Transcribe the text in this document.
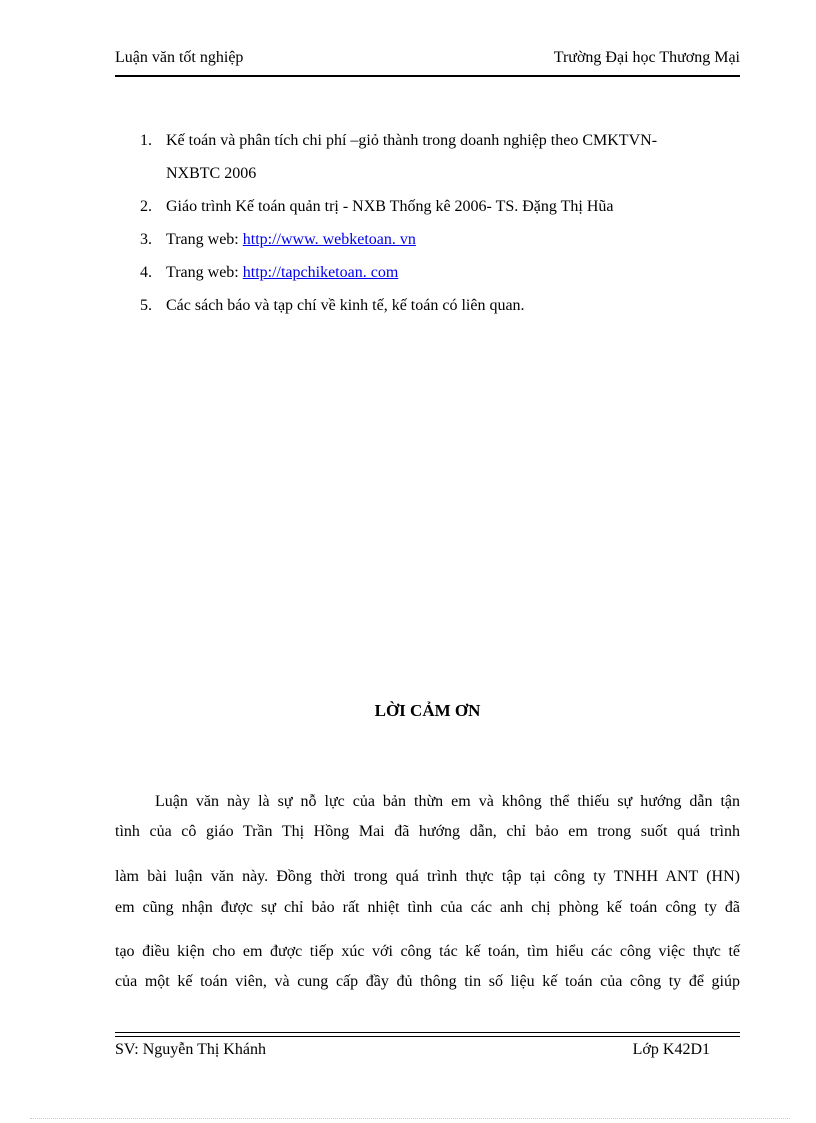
Luận văn tốt nghiệp	Trường Đại học Thương Mại
1. Kế toán và phân tích chi phí –giỏ thành trong doanh nghiệp theo CMKTVN-
NXBTC 2006
2. Giáo trình Kế toán quản trị - NXB Thống kê 2006- TS. Đặng Thị Hũa
3. Trang web: http://www. webketoan. vn
4. Trang web: http://tapchiketoan. com
5. Các sách báo và tạp chí về kinh tế, kế toán có liên quan.
LỜI CẢM ƠN
Luận văn này là sự nỗ lực của bản thừn em và không thể thiếu sự hướng dẫn tận
tình của cô giáo Trần Thị Hồng Mai đã hướng dẫn, chỉ bảo em trong suốt quá trình
làm bài luận văn này. Đồng thời trong quá trình thực tập tại công ty TNHH ANT (HN)
em cũng nhận được sự chỉ bảo rất nhiệt tình của các anh chị phòng kế toán công ty đã
tạo điều kiện cho em được tiếp xúc với công tác kế toán, tìm hiểu các công việc thực tế
của một kế toán viên, và cung cấp đầy đủ thông tin số liệu kế toán của công ty để giúp
SV: Nguyễn Thị Khánh	Lớp K42D1
